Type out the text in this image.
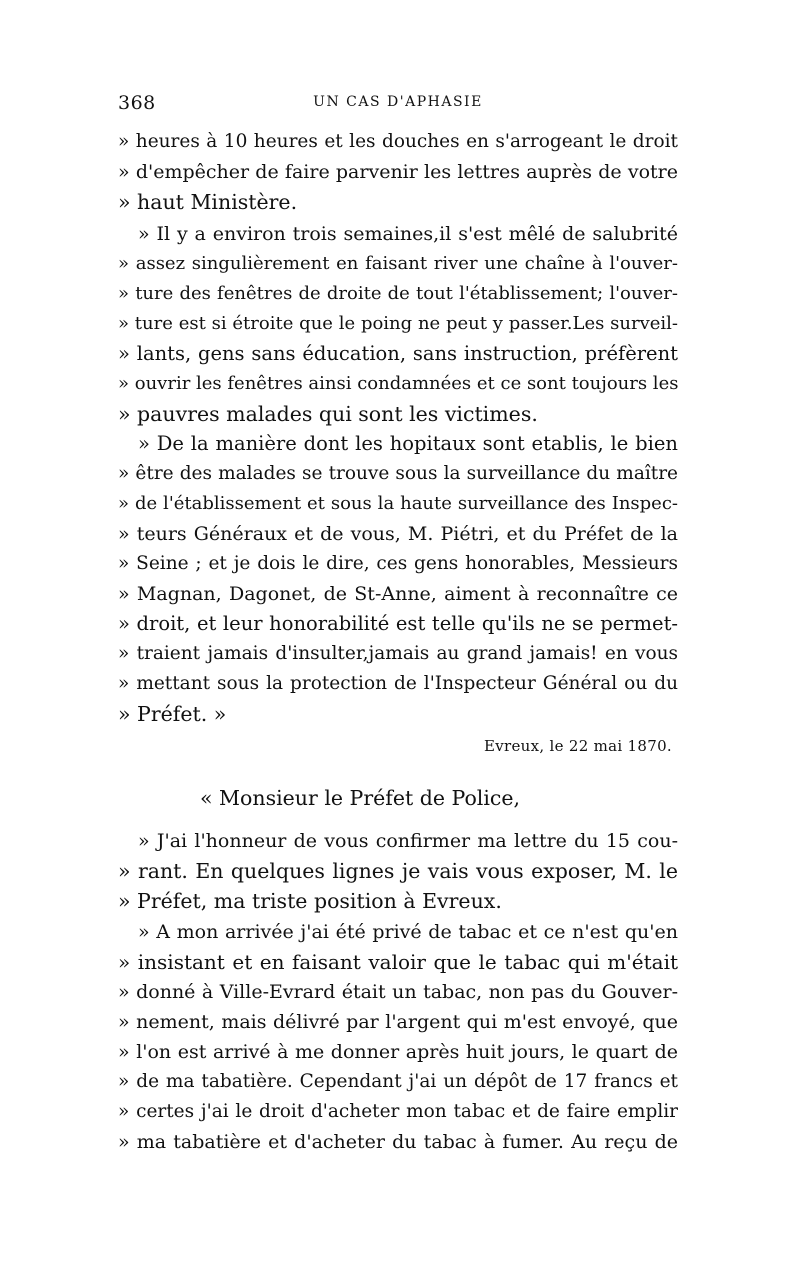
368	UN CAS D'APHASIE
» heures à 10 heures et les douches en s'arrogeant le droit
» d'empêcher de faire parvenir les lettres auprès de votre
» haut Ministère.
» Il y a environ trois semaines,il s'est mêlé de salubrité
» assez singulièrement en faisant river une chaîne à l'ouver-
» ture des fenêtres de droite de tout l'établissement; l'ouver-
» ture est si étroite que le poing ne peut y passer.Les surveil-
» lants, gens sans éducation, sans instruction, préfèrent
» ouvrir les fenêtres ainsi condamnées et ce sont toujours les
» pauvres malades qui sont les victimes.
» De la manière dont les hopitaux sont etablis, le bien
» être des malades se trouve sous la surveillance du maître
» de l'établissement et sous la haute surveillance des Inspec-
» teurs Généraux et de vous, M. Piétri, et du Préfet de la
» Seine ; et je dois le dire, ces gens honorables, Messieurs
» Magnan, Dagonet, de St-Anne, aiment à reconnaître ce
» droit, et leur honorabilité est telle qu'ils ne se permet-
» traient jamais d'insulter,jamais au grand jamais! en vous
» mettant sous la protection de l'Inspecteur Général ou du
» Préfet. »
Evreux, le 22 mai 1870.
« Monsieur le Préfet de Police,
» J'ai l'honneur de vous confirmer ma lettre du 15 cou-
» rant. En quelques lignes je vais vous exposer, M. le
» Préfet, ma triste position à Evreux.
» A mon arrivée j'ai été privé de tabac et ce n'est qu'en
» insistant et en faisant valoir que le tabac qui m'était
» donné à Ville-Evrard était un tabac, non pas du Gouver-
» nement, mais délivré par l'argent qui m'est envoyé, que
» l'on est arrivé à me donner après huit jours, le quart de
» de ma tabatière. Cependant j'ai un dépôt de 17 francs et
» certes j'ai le droit d'acheter mon tabac et de faire emplir
» ma tabatière et d'acheter du tabac à fumer. Au reçu de
